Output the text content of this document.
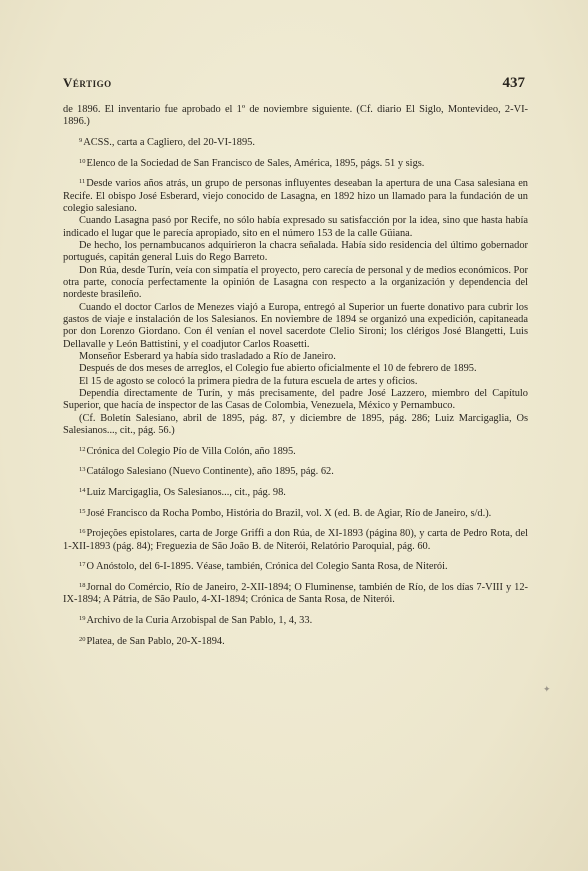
Vértigo	437

de 1896. El inventario fue aprobado el 1º de noviembre siguiente. (Cf. diario El Siglo, Montevideo, 2-VI-1896.)

$^9$ACSS., carta a Cagliero, del 20-VI-1895.

$^{10}$Elenco de la Sociedad de San Francisco de Sales, América, 1895, págs. 51 y sigs.

$^{11}$Desde varios años atrás, un grupo de personas influyentes deseaban la apertura de una Casa salesiana en Recife. El obispo José Esberard, viejo conocido de Lasagna, en 1892 hizo un llamado para la fundación de un colegio salesiano.

Cuando Lasagna pasó por Recife, no sólo había expresado su satisfacción por la idea, sino que hasta había indicado el lugar que le parecía apropiado, sito en el número 153 de la calle Güiana.

De hecho, los pernambucanos adquirieron la chacra señalada. Había sido residencia del último gobernador portugués, capitán general Luis do Rego Barreto.

Don Rúa, desde Turín, veía con simpatía el proyecto, pero carecía de personal y de medios económicos. Por otra parte, conocía perfectamente la opinión de Lasagna con respecto a la organización y dependencia del nordeste brasileño.

Cuando el doctor Carlos de Menezes viajó a Europa, entregó al Superior un fuerte donativo para cubrir los gastos de viaje e instalación de los Salesianos. En noviembre de 1894 se organizó una expedición, capitaneada por don Lorenzo Giordano. Con él venían el novel sacerdote Clelio Sironi; los clérigos José Blangetti, Luis Dellavalle y León Battistini, y el coadjutor Carlos Roasetti.

Monseñor Esberard ya había sido trasladado a Río de Janeiro.

Después de dos meses de arreglos, el Colegio fue abierto oficialmente el 10 de febrero de 1895.

El 15 de agosto se colocó la primera piedra de la futura escuela de artes y oficios.

Dependía directamente de Turín, y más precisamente, del padre José Lazzero, miembro del Capítulo Superior, que hacía de inspector de las Casas de Colombia, Venezuela, México y Pernambuco.

(Cf. Boletín Salesiano, abril de 1895, pág. 87, y diciembre de 1895, pág. 286; Luiz Marcigaglia, Os Salesianos..., cit., pág. 56.)

$^{12}$Crónica del Colegio Pío de Villa Colón, año 1895.

$^{13}$Catálogo Salesiano (Nuevo Continente), año 1895, pág. 62.

$^{14}$Luiz Marcigaglia, Os Salesianos..., cit., pág. 98.

$^{15}$José Francisco da Rocha Pombo, História do Brazil, vol. X (ed. B. de Agiar, Río de Janeiro, s/d.).

$^{16}$Projeções epistolares, carta de Jorge Griffi a don Rúa, de XI-1893 (página 80), y carta de Pedro Rota, del 1-XII-1893 (pág. 84); Freguezia de São João B. de Niterói, Relatório Paroquial, pág. 60.

$^{17}$O Anóstolo, del 6-I-1895. Véase, también, Crónica del Colegio Santa Rosa, de Niterói.

$^{18}$Jornal do Comércio, Río de Janeiro, 2-XII-1894; O Fluminense, también de Río, de los días 7-VIII y 12-IX-1894; A Pátria, de São Paulo, 4-XI-1894; Crónica de Santa Rosa, de Niterói.

$^{19}$Archivo de la Curia Arzobispal de San Pablo, 1, 4, 33.

$^{20}$Platea, de San Pablo, 20-X-1894.

✦
